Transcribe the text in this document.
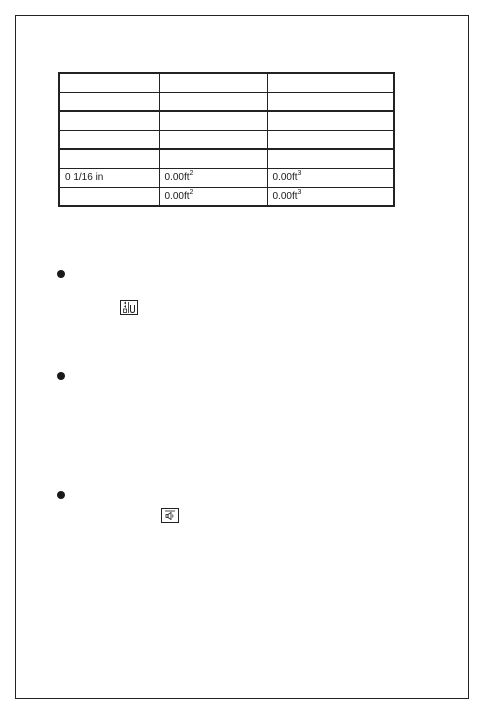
0 1/16 in	$0.00ft^2$	$0.00ft^3$
	$0.00ft^2$	$0.00ft^3$
